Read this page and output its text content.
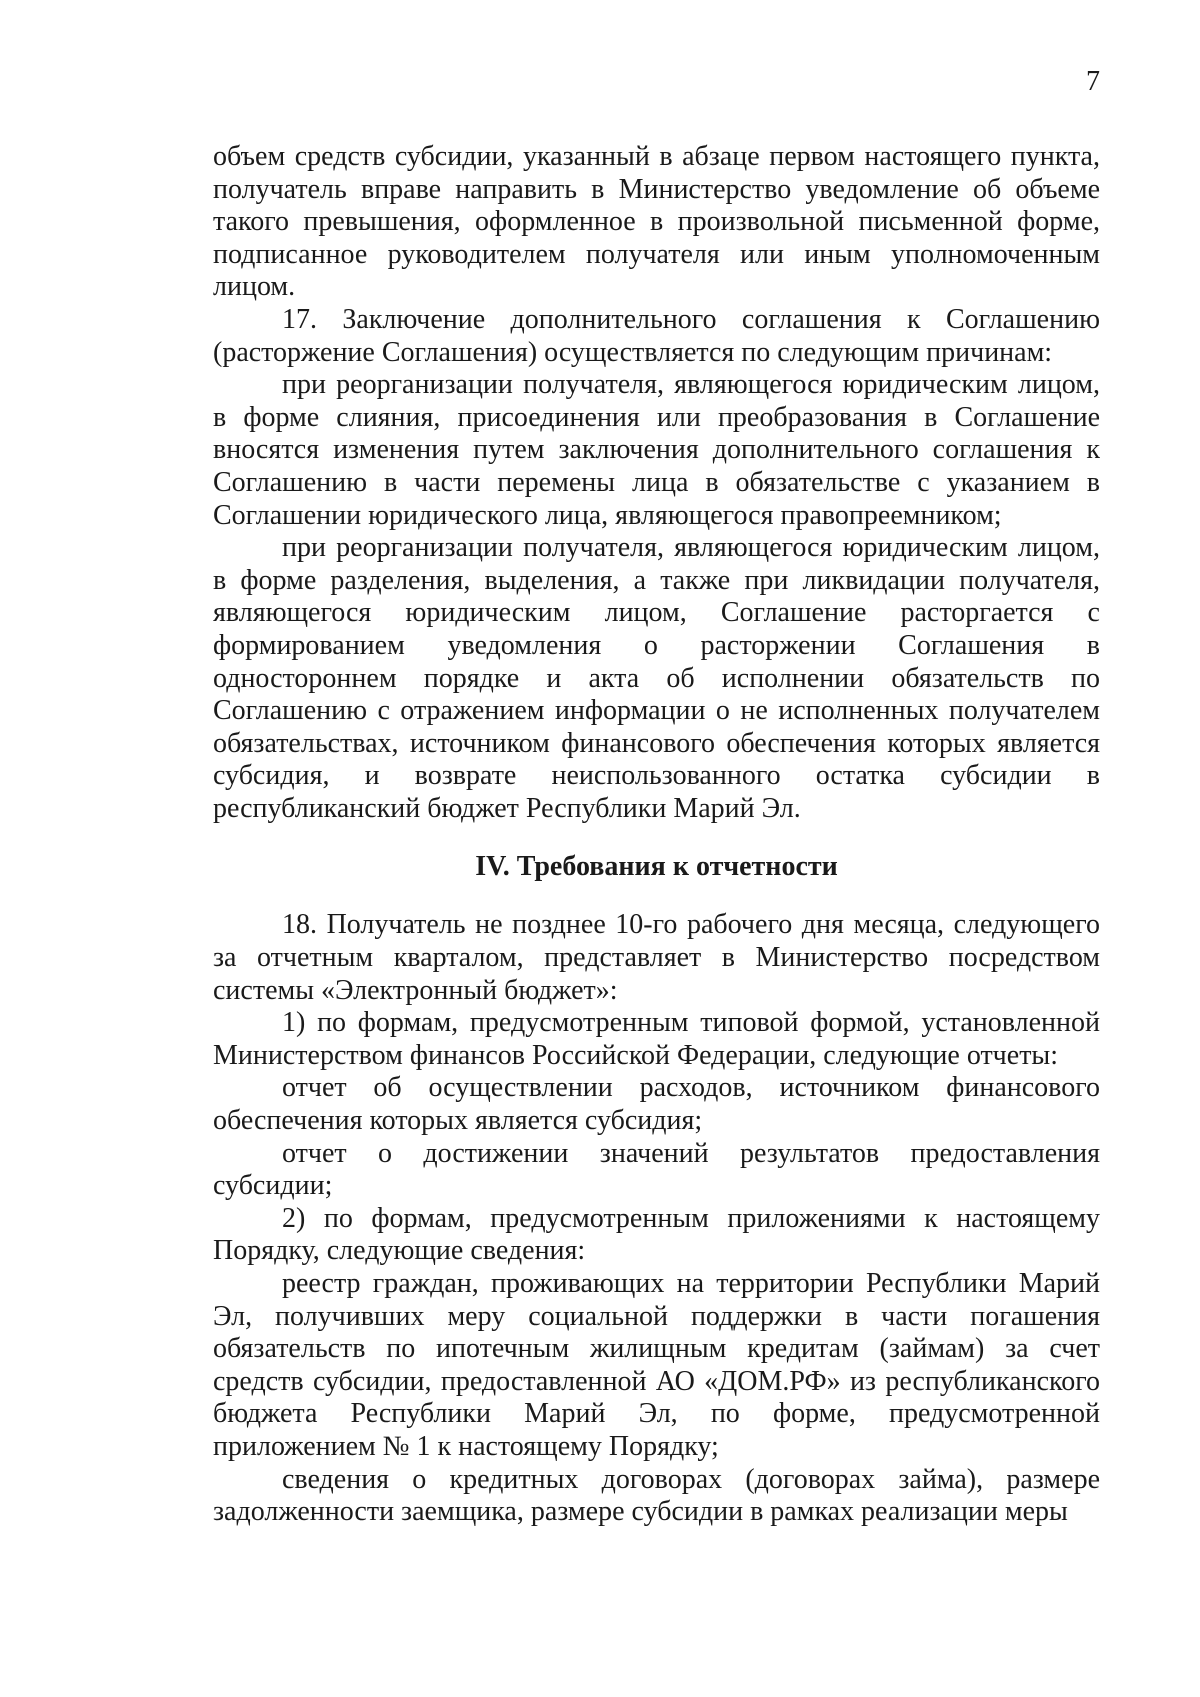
7

объем средств субсидии, указанный в абзаце первом настоящего пункта, получатель вправе направить в Министерство уведомление об объеме такого превышения, оформленное в произвольной письменной форме, подписанное руководителем получателя или иным уполномоченным лицом.

17. Заключение дополнительного соглашения к Соглашению (расторжение Соглашения) осуществляется по следующим причинам:

при реорганизации получателя, являющегося юридическим лицом, в форме слияния, присоединения или преобразования в Соглашение вносятся изменения путем заключения дополнительного соглашения к Соглашению в части перемены лица в обязательстве с указанием в Соглашении юридического лица, являющегося правопреемником;

при реорганизации получателя, являющегося юридическим лицом, в форме разделения, выделения, а также при ликвидации получателя, являющегося юридическим лицом, Соглашение расторгается с формированием уведомления о расторжении Соглашения в одностороннем порядке и акта об исполнении обязательств по Соглашению с отражением информации о не исполненных получателем обязательствах, источником финансового обеспечения которых является субсидия, и возврате неиспользованного остатка субсидии в республиканский бюджет Республики Марий Эл.

IV. Требования к отчетности

18. Получатель не позднее 10-го рабочего дня месяца, следующего за отчетным кварталом, представляет в Министерство посредством системы «Электронный бюджет»:

1) по формам, предусмотренным типовой формой, установленной Министерством финансов Российской Федерации, следующие отчеты:

отчет об осуществлении расходов, источником финансового обеспечения которых является субсидия;

отчет о достижении значений результатов предоставления субсидии;

2) по формам, предусмотренным приложениями к настоящему Порядку, следующие сведения:

реестр граждан, проживающих на территории Республики Марий Эл, получивших меру социальной поддержки в части погашения обязательств по ипотечным жилищным кредитам (займам) за счет средств субсидии, предоставленной АО «ДОМ.РФ» из республиканского бюджета Республики Марий Эл, по форме, предусмотренной приложением № 1 к настоящему Порядку;

сведения о кредитных договорах (договорах займа), размере задолженности заемщика, размере субсидии в рамках реализации меры
